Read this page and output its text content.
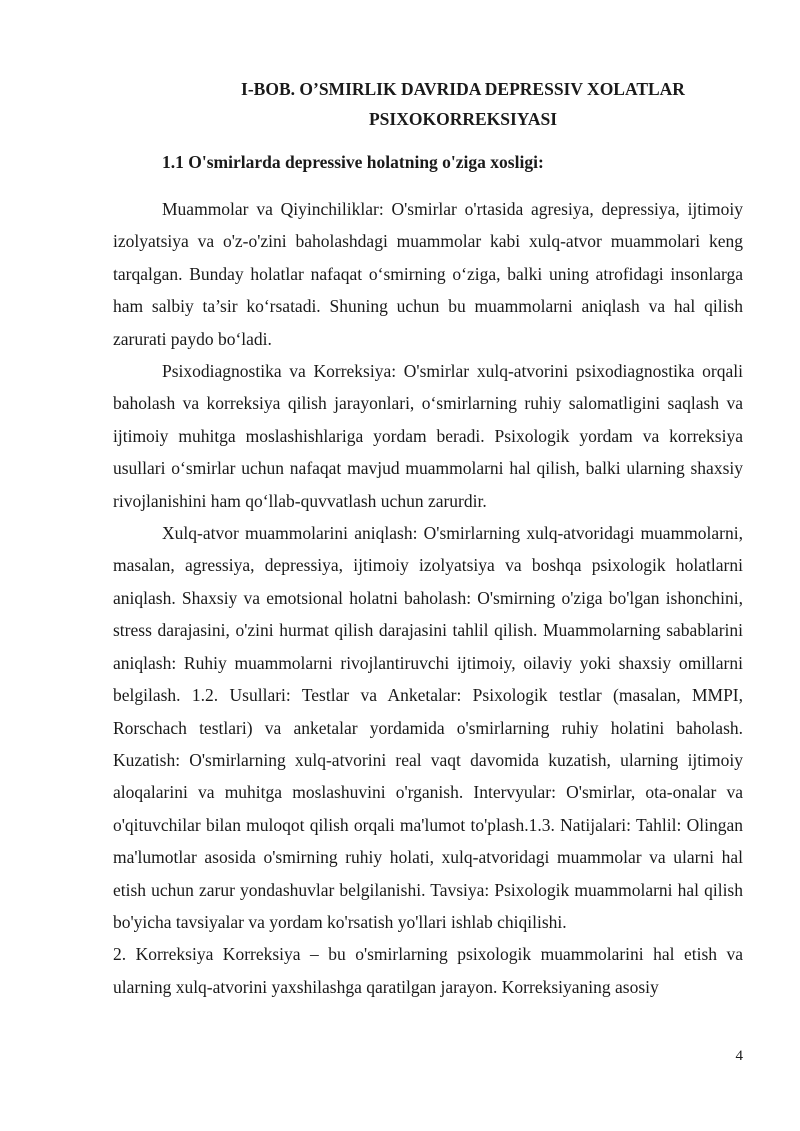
I-BOB. O’SMIRLIK DAVRIDA DEPRESSIV XOLATLAR
PSIXOKORREKSIYASI
1.1 O'smirlarda depressive holatning o'ziga xosligi:

Muammolar va Qiyinchiliklar: O'smirlar o'rtasida agresiya, depressiya, ijtimoiy izolyatsiya va o'z-o'zini baholashdagi muammolar kabi xulq-atvor muammolari keng tarqalgan. Bunday holatlar nafaqat o‘smirning o‘ziga, balki uning atrofidagi insonlarga ham salbiy ta’sir ko‘rsatadi. Shuning uchun bu muammolarni aniqlash va hal qilish zarurati paydo bo‘ladi.

Psixodiagnostika va Korreksiya: O'smirlar xulq-atvorini psixodiagnostika orqali baholash va korreksiya qilish jarayonlari, o‘smirlarning ruhiy salomatligini saqlash va ijtimoiy muhitga moslashishlariga yordam beradi. Psixologik yordam va korreksiya usullari o‘smirlar uchun nafaqat mavjud muammolarni hal qilish, balki ularning shaxsiy rivojlanishini ham qo‘llab-quvvatlash uchun zarurdir.

Xulq-atvor muammolarini aniqlash: O'smirlarning xulq-atvoridagi muammolarni, masalan, agressiya, depressiya, ijtimoiy izolyatsiya va boshqa psixologik holatlarni aniqlash. Shaxsiy va emotsional holatni baholash: O'smirning o'ziga bo'lgan ishonchini, stress darajasini, o'zini hurmat qilish darajasini tahlil qilish. Muammolarning sabablarini aniqlash: Ruhiy muammolarni rivojlantiruvchi ijtimoiy, oilaviy yoki shaxsiy omillarni belgilash. 1.2. Usullari: Testlar va Anketalar: Psixologik testlar (masalan, MMPI, Rorschach testlari) va anketalar yordamida o'smirlarning ruhiy holatini baholash. Kuzatish: O'smirlarning xulq-atvorini real vaqt davomida kuzatish, ularning ijtimoiy aloqalarini va muhitga moslashuvini o'rganish. Intervyular: O'smirlar, ota-onalar va o'qituvchilar bilan muloqot qilish orqali ma'lumot to'plash.1.3. Natijalari: Tahlil: Olingan ma'lumotlar asosida o'smirning ruhiy holati, xulq-atvoridagi muammolar va ularni hal etish uchun zarur yondashuvlar belgilanishi. Tavsiya: Psixologik muammolarni hal qilish bo'yicha tavsiyalar va yordam ko'rsatish yo'llari ishlab chiqilishi.

2. Korreksiya Korreksiya – bu o'smirlarning psixologik muammolarini hal etish va ularning xulq-atvorini yaxshilashga qaratilgan jarayon. Korreksiyaning asosiy

4
